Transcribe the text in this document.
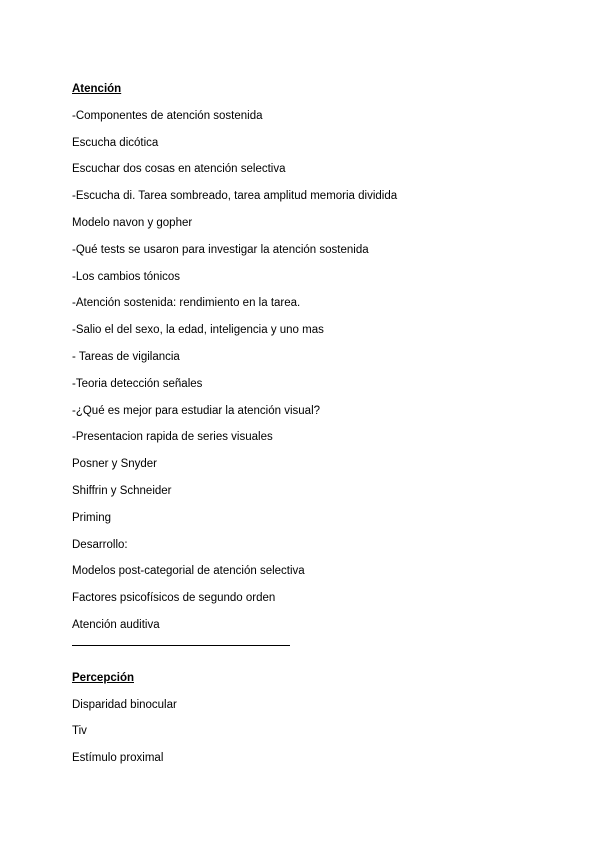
Atención
-Componentes de atención sostenida
Escucha dicótica
Escuchar dos cosas en atención selectiva
-Escucha di. Tarea sombreado, tarea amplitud memoria dividida
Modelo navon y gopher
-Qué tests se usaron para investigar la atención sostenida
-Los cambios tónicos
-Atención sostenida: rendimiento en la tarea.
-Salio el del sexo, la edad, inteligencia y uno mas
- Tareas de vigilancia
-Teoria detección señales
-¿Qué es mejor para estudiar la atención visual?
-Presentacion rapida de series visuales
Posner y Snyder
Shiffrin y Schneider
Priming
Desarrollo:
Modelos post-categorial de atención selectiva
Factores psicofísicos de segundo orden
Atención auditiva
Percepción
Disparidad binocular
Tiv
Estímulo proximal
